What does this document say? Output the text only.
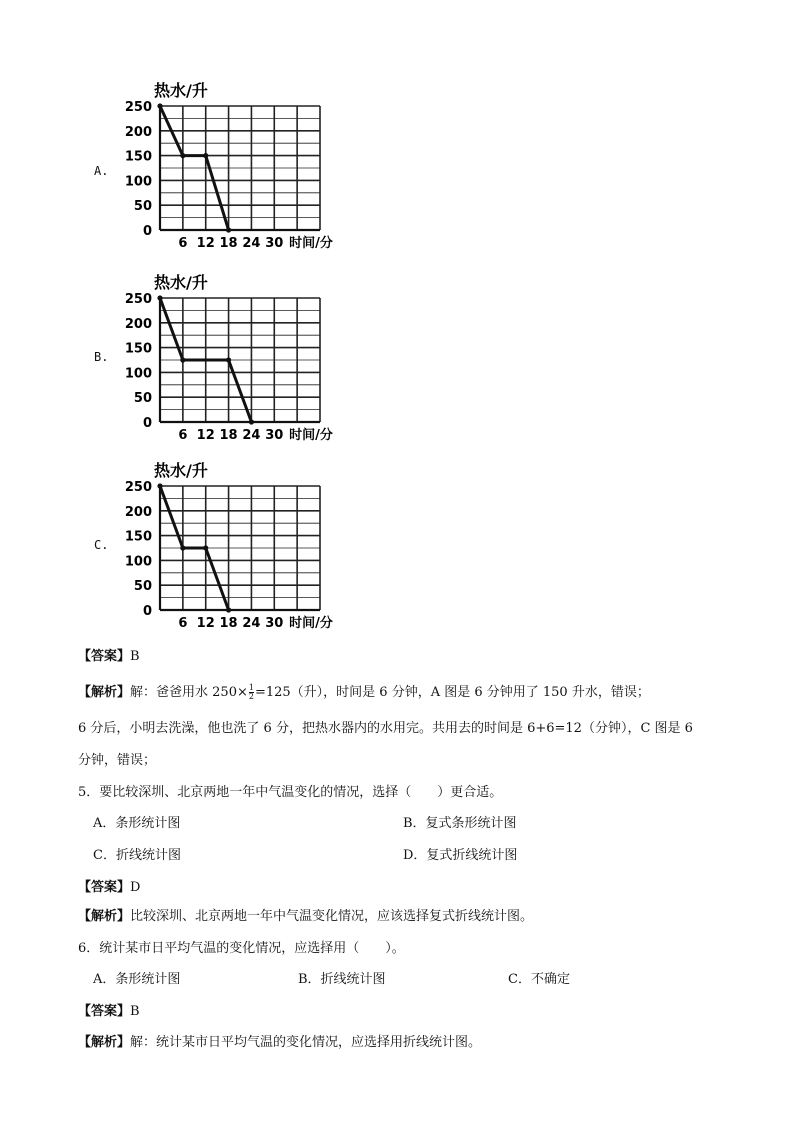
A.
热水/升
250
200
150
100
50
0
6 12 18 24 30 时间/分
B.
热水/升
250
200
150
100
50
0
6 12 18 24 30 时间/分
C.
热水/升
250
200
150
100
50
0
6 12 18 24 30 时间/分
【答案】B
【解析】解：爸爸用水 $250\times \frac{1}{2} =125$（升），时间是 6 分钟，A 图是 6 分钟用了 150 升水，错误；
6 分后，小明去洗澡，他也洗了 6 分，把热水器内的水用完。共用去的时间是 6+6=12（分钟），C 图是 6
分钟，错误；
5．要比较深圳、北京两地一年中气温变化的情况，选择（　　）更合适。
A．条形统计图	B．复式条形统计图
C．折线统计图	D．复式折线统计图
【答案】D
【解析】比较深圳、北京两地一年中气温变化情况，应该选择复式折线统计图。
6．统计某市日平均气温的变化情况，应选择用（　　）。
A．条形统计图	B．折线统计图	C．不确定
【答案】B
【解析】解：统计某市日平均气温的变化情况，应选择用折线统计图。
